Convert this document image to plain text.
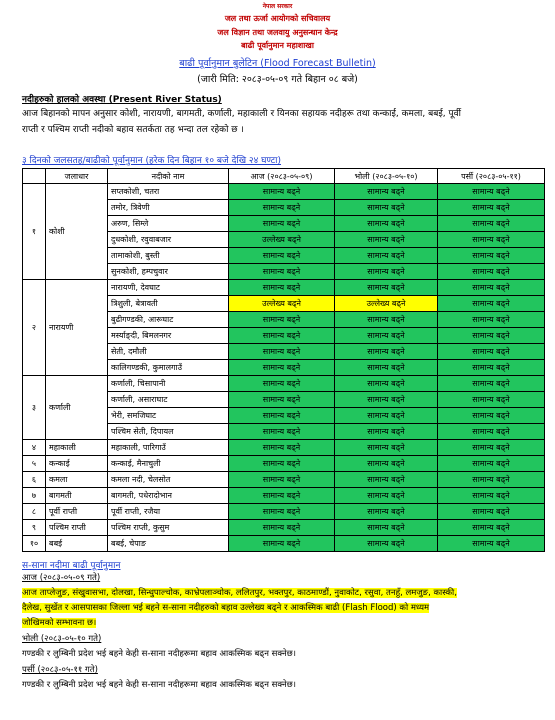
नेपाल सरकार
जल तथा ऊर्जा आयोगको सचिवालय
जल विज्ञान तथा जलवायु अनुसन्धान केन्द्र
बाढी पूर्वानुमान महाशाखा
बाढी पूर्वानुमान बुलेटिन (Flood Forecast Bulletin)
(जारी मिति: २०८३-०५-०९ गते बिहान ०८ बजे)
नदीहरुको हालको अवस्था (Present River Status)
आज बिहानको मापन अनुसार कोशी, नारायणी, बागमती, कर्णाली, महाकाली र यिनका सहायक नदीहरू तथा कन्काई, कमला, बबई, पूर्वी
राप्ती र पश्चिम राप्ती नदीको बहाव सतर्कता तह भन्दा तल रहेको छ ।
३ दिनको जलसतह/बाढीको पूर्वानुमान (हरेक दिन बिहान १० बजे देखि २४ घण्टा)
	जलाधार	नदीको नाम	आज (२०८३-०५-०९)	भोली (२०८३-०५-१०)	पर्सी (२०८३-०५-११)
१	कोशी	सप्तकोशी, चतरा	सामान्य बढ्ने	सामान्य बढ्ने	सामान्य बढ्ने
		तमोर, त्रिवेणी	सामान्य बढ्ने	सामान्य बढ्ने	सामान्य बढ्ने
		अरुण, सिम्ले	सामान्य बढ्ने	सामान्य बढ्ने	सामान्य बढ्ने
		दुधकोशी, रवुवाबजार	उल्लेख्य बढ्ने	सामान्य बढ्ने	सामान्य बढ्ने
		तामाकोशी, बुस्ती	सामान्य बढ्ने	सामान्य बढ्ने	सामान्य बढ्ने
		सुनकोशी, हम्पचुवार	सामान्य बढ्ने	सामान्य बढ्ने	सामान्य बढ्ने
२	नारायणी	नारायणी, देवघाट	सामान्य बढ्ने	सामान्य बढ्ने	सामान्य बढ्ने
		त्रिशुली, बेत्रावती	उल्लेख्य बढ्ने	उल्लेख्य बढ्ने	सामान्य बढ्ने
		बुढीगण्डकी, आरूघाट	सामान्य बढ्ने	सामान्य बढ्ने	सामान्य बढ्ने
		मर्स्याङ्दी, बिमलनगर	सामान्य बढ्ने	सामान्य बढ्ने	सामान्य बढ्ने
		सेती, दमौली	सामान्य बढ्ने	सामान्य बढ्ने	सामान्य बढ्ने
		कालिगण्डकी, कुमालगाउँ	सामान्य बढ्ने	सामान्य बढ्ने	सामान्य बढ्ने
३	कर्णाली	कर्णाली, चिसापानी	सामान्य बढ्ने	सामान्य बढ्ने	सामान्य बढ्ने
		कर्णाली, असाराघाट	सामान्य बढ्ने	सामान्य बढ्ने	सामान्य बढ्ने
		भेरी, समजिघाट	सामान्य बढ्ने	सामान्य बढ्ने	सामान्य बढ्ने
		पश्चिम सेती, दिपायल	सामान्य बढ्ने	सामान्य बढ्ने	सामान्य बढ्ने
४	महाकाली	महाकाली, पारिगाउँ	सामान्य बढ्ने	सामान्य बढ्ने	सामान्य बढ्ने
५	कन्काई	कन्काई, मैनाचुली	सामान्य बढ्ने	सामान्य बढ्ने	सामान्य बढ्ने
६	कमला	कमला नदी, चेलसोत	सामान्य बढ्ने	सामान्य बढ्ने	सामान्य बढ्ने
७	बागमती	बागमती, पधेरादोभान	सामान्य बढ्ने	सामान्य बढ्ने	सामान्य बढ्ने
८	पूर्वी राप्ती	पूर्वी राप्ती, रजैया	सामान्य बढ्ने	सामान्य बढ्ने	सामान्य बढ्ने
९	पश्चिम राप्ती	पश्चिम राप्ती, कुसुम	सामान्य बढ्ने	सामान्य बढ्ने	सामान्य बढ्ने
१०	बबई	बबई, चेपाङ	सामान्य बढ्ने	सामान्य बढ्ने	सामान्य बढ्ने
स-साना नदीमा बाढी पूर्वानुमान
आज (२०८३-०५-०९ गते)
आज ताप्लेजुङ, संखुवासभा, दोलखा, सिन्धुपाल्चोक, काभ्रेपलाञ्चोक, ललितपुर, भक्तपुर, काठमाण्डौं, नुवाकोट, रसुवा, तनहुँ, लमजुङ, कास्की,
दैलेख, सुर्खेत र आसपासका जिल्ला भई बहने स-साना नदीहरुको बहाव उल्लेख्य बढ्ने र आकस्मिक बाढी (Flash Flood) को मध्यम
जोखिमको सम्भावना छ।
भोली (२०८३-०५-१० गते)
गण्डकी र लुम्बिनी प्रदेश भई बहने केही स-साना नदीहरूमा बहाव आकस्मिक बढ्न सक्नेछ।
पर्सी (२०८३-०५-११ गते)
गण्डकी र लुम्बिनी प्रदेश भई बहने केही स-साना नदीहरूमा बहाव आकस्मिक बढ्न सक्नेछ।
